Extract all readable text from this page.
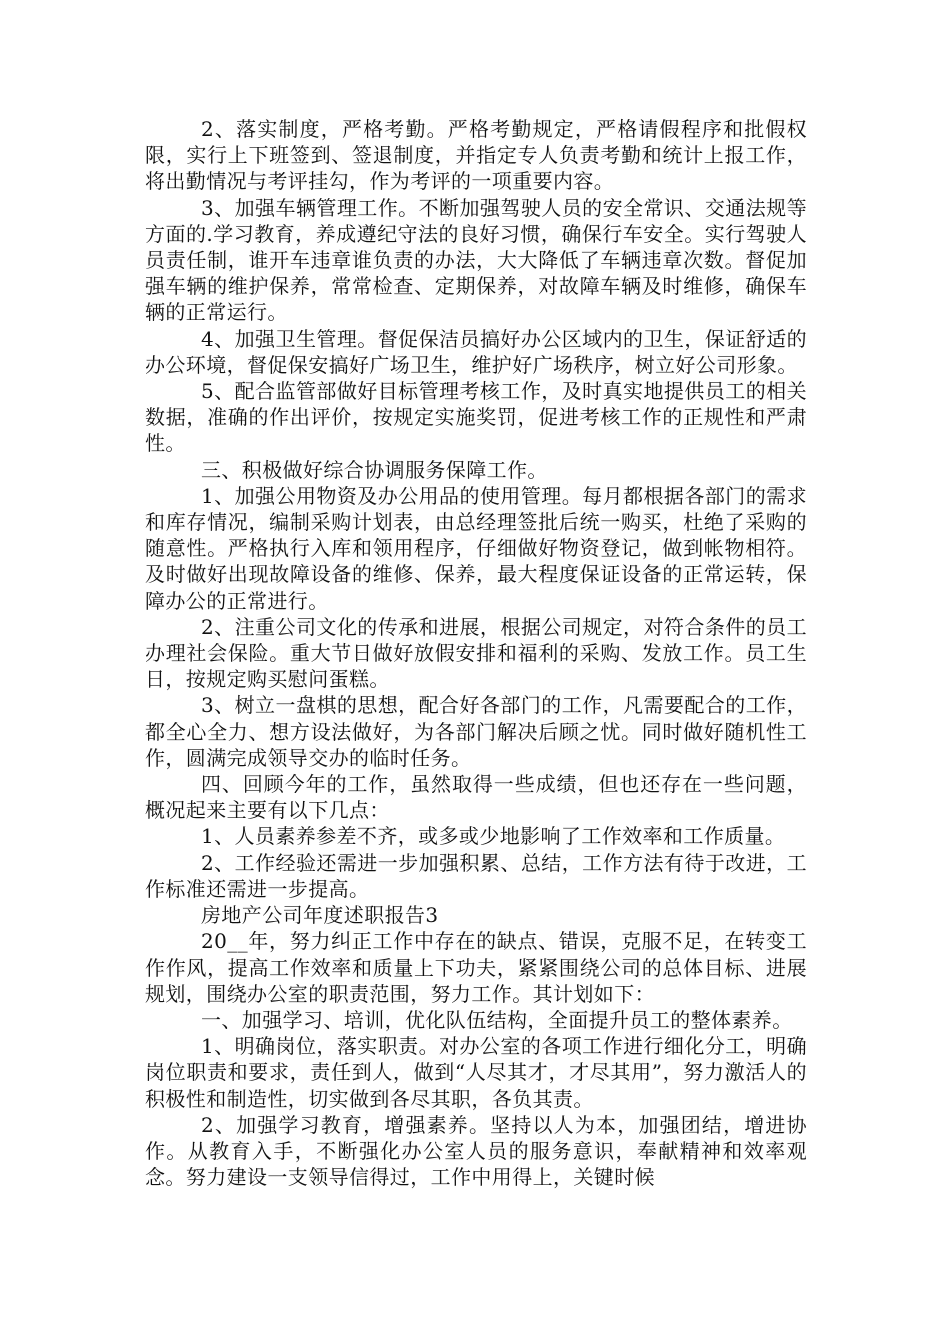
2、落实制度，严格考勤。严格考勤规定，严格请假程序和批假权限，实行上下班签到、签退制度，并指定专人负责考勤和统计上报工作，将出勤情况与考评挂勾，作为考评的一项重要内容。

3、加强车辆管理工作。不断加强驾驶人员的安全常识、交通法规等方面的.学习教育，养成遵纪守法的良好习惯，确保行车安全。实行驾驶人员责任制，谁开车违章谁负责的办法，大大降低了车辆违章次数。督促加强车辆的维护保养，常常检查、定期保养，对故障车辆及时维修，确保车辆的正常运行。

4、加强卫生管理。督促保洁员搞好办公区域内的卫生，保证舒适的办公环境，督促保安搞好广场卫生，维护好广场秩序，树立好公司形象。

5、配合监管部做好目标管理考核工作，及时真实地提供员工的相关数据，准确的作出评价，按规定实施奖罚，促进考核工作的正规性和严肃性。

三、积极做好综合协调服务保障工作。

1、加强公用物资及办公用品的使用管理。每月都根据各部门的需求和库存情况，编制采购计划表，由总经理签批后统一购买，杜绝了采购的随意性。严格执行入库和领用程序，仔细做好物资登记，做到帐物相符。及时做好出现故障设备的维修、保养，最大程度保证设备的正常运转，保障办公的正常进行。

2、注重公司文化的传承和进展，根据公司规定，对符合条件的员工办理社会保险。重大节日做好放假安排和福利的采购、发放工作。员工生日，按规定购买慰问蛋糕。

3、树立一盘棋的思想，配合好各部门的工作，凡需要配合的工作，都全心全力、想方设法做好，为各部门解决后顾之忧。同时做好随机性工作，圆满完成领导交办的临时任务。

四、回顾今年的工作，虽然取得一些成绩，但也还存在一些问题，概况起来主要有以下几点：

1、人员素养参差不齐，或多或少地影响了工作效率和工作质量。

2、工作经验还需进一步加强积累、总结，工作方法有待于改进，工作标准还需进一步提高。

房地产公司年度述职报告3

20__年，努力纠正工作中存在的缺点、错误，克服不足，在转变工作作风，提高工作效率和质量上下功夫，紧紧围绕公司的总体目标、进展规划，围绕办公室的职责范围，努力工作。其计划如下：

一、加强学习、培训，优化队伍结构，全面提升员工的整体素养。

1、明确岗位，落实职责。对办公室的各项工作进行细化分工，明确岗位职责和要求，责任到人，做到“人尽其才，才尽其用”，努力激活人的积极性和制造性，切实做到各尽其职，各负其责。

2、加强学习教育，增强素养。坚持以人为本，加强团结，增进协作。从教育入手，不断强化办公室人员的服务意识，奉献精神和效率观念。努力建设一支领导信得过，工作中用得上，关键时候
